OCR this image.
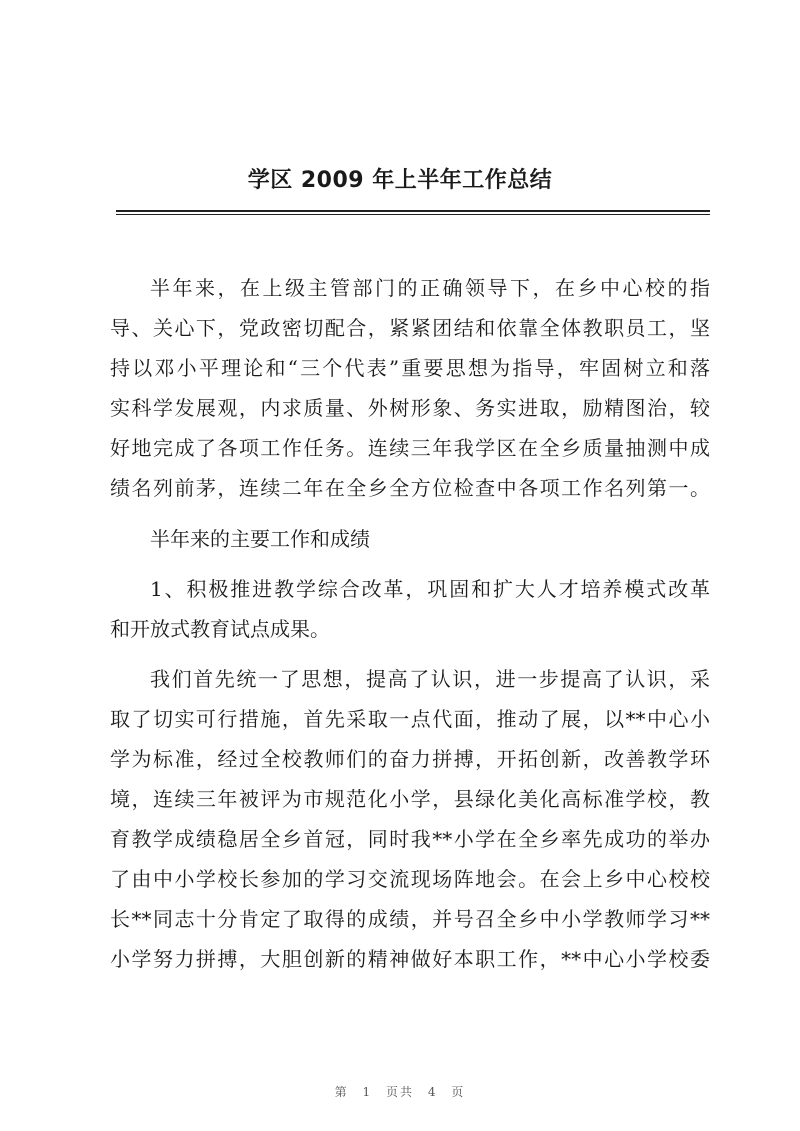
学区 2009 年上半年工作总结
半年来，在上级主管部门的正确领导下，在乡中心校的指
导、关心下，党政密切配合，紧紧团结和依靠全体教职员工，坚
持以邓小平理论和“三个代表”重要思想为指导，牢固树立和落
实科学发展观，内求质量、外树形象、务实进取，励精图治，较
好地完成了各项工作任务。连续三年我学区在全乡质量抽测中成
绩名列前茅，连续二年在全乡全方位检查中各项工作名列第一。
半年来的主要工作和成绩
1、积极推进教学综合改革，巩固和扩大人才培养模式改革
和开放式教育试点成果。
我们首先统一了思想，提高了认识，进一步提高了认识，采
取了切实可行措施，首先采取一点代面，推动了展，以**中心小
学为标准，经过全校教师们的奋力拼搏，开拓创新，改善教学环
境，连续三年被评为市规范化小学，县绿化美化高标准学校，教
育教学成绩稳居全乡首冠，同时我**小学在全乡率先成功的举办
了由中小学校长参加的学习交流现场阵地会。在会上乡中心校校
长**同志十分肯定了取得的成绩，并号召全乡中小学教师学习**
小学努力拼搏，大胆创新的精神做好本职工作，**中心小学校委
第 1 页共 4 页
